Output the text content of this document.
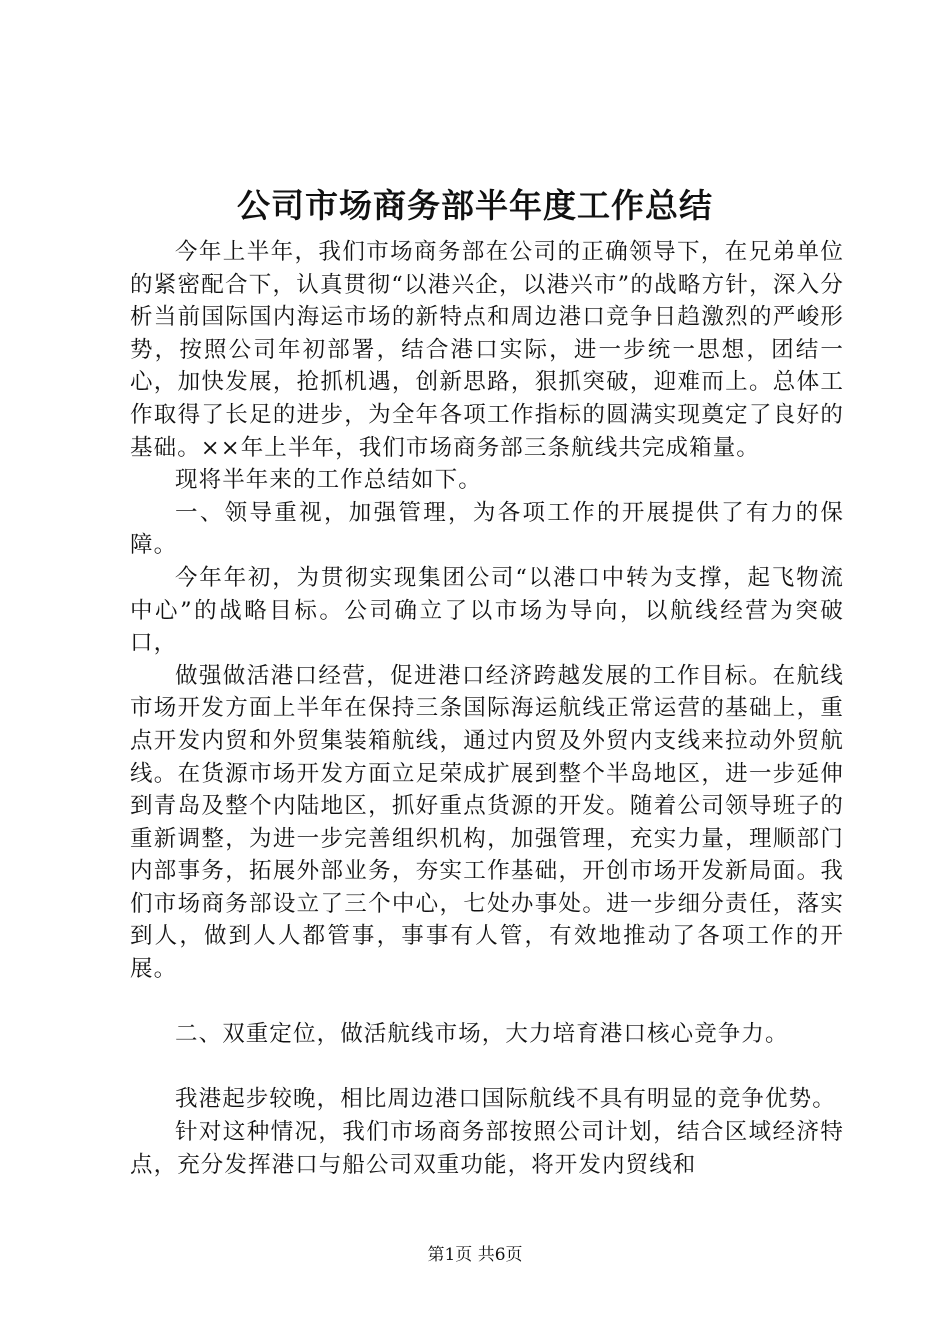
公司市场商务部半年度工作总结

今年上半年，我们市场商务部在公司的正确领导下，在兄弟单位的紧密配合下，认真贯彻“以港兴企，以港兴市”的战略方针，深入分析当前国际国内海运市场的新特点和周边港口竞争日趋激烈的严峻形势，按照公司年初部署，结合港口实际，进一步统一思想，团结一心，加快发展，抢抓机遇，创新思路，狠抓突破，迎难而上。总体工作取得了长足的进步，为全年各项工作指标的圆满实现奠定了良好的基础。××年上半年，我们市场商务部三条航线共完成箱量。

现将半年来的工作总结如下。

一、领导重视，加强管理，为各项工作的开展提供了有力的保障。

今年年初，为贯彻实现集团公司“以港口中转为支撑，起飞物流中心”的战略目标。公司确立了以市场为导向，以航线经营为突破口，

做强做活港口经营，促进港口经济跨越发展的工作目标。在航线市场开发方面上半年在保持三条国际海运航线正常运营的基础上，重点开发内贸和外贸集装箱航线，通过内贸及外贸内支线来拉动外贸航线。在货源市场开发方面立足荣成扩展到整个半岛地区，进一步延伸到青岛及整个内陆地区，抓好重点货源的开发。随着公司领导班子的重新调整，为进一步完善组织机构，加强管理，充实力量，理顺部门内部事务，拓展外部业务，夯实工作基础，开创市场开发新局面。我们市场商务部设立了三个中心，七处办事处。进一步细分责任，落实到人，做到人人都管事，事事有人管，有效地推动了各项工作的开展。

二、双重定位，做活航线市场，大力培育港口核心竞争力。

我港起步较晚，相比周边港口国际航线不具有明显的竞争优势。

针对这种情况，我们市场商务部按照公司计划，结合区域经济特点，充分发挥港口与船公司双重功能，将开发内贸线和

第1页 共6页
